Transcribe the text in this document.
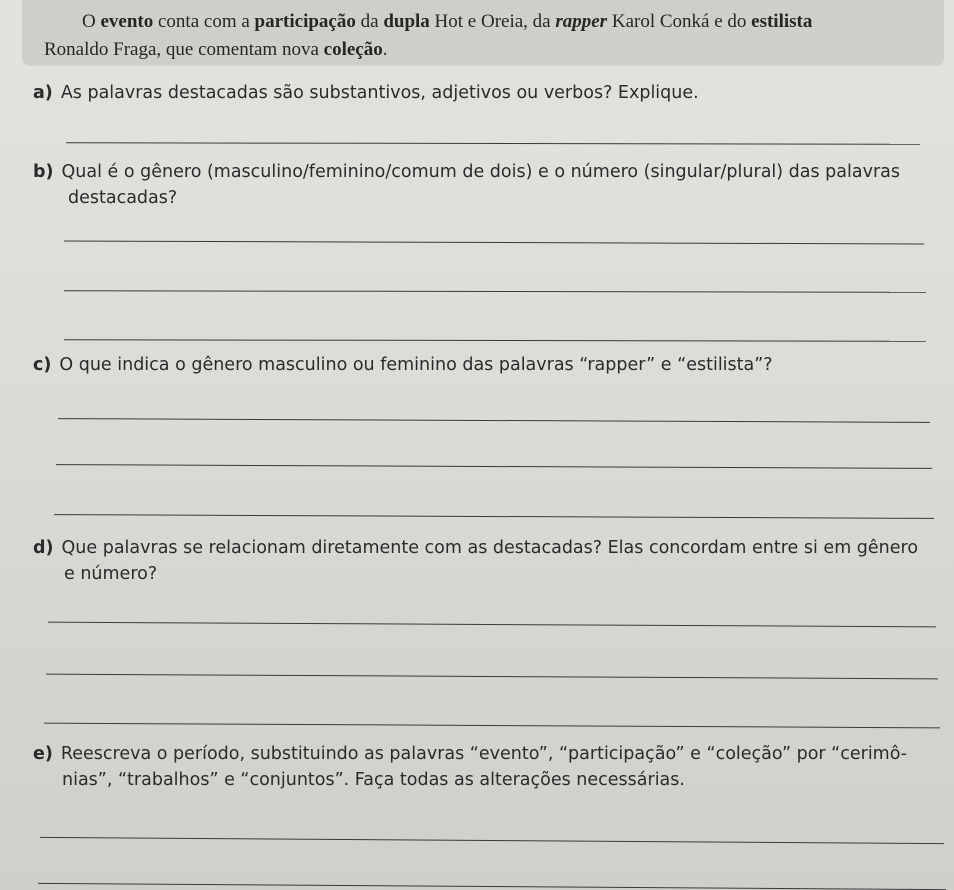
O evento conta com a participação da dupla Hot e Oreia, da rapper Karol Conká e do estilista
Ronaldo Fraga, que comentam nova coleção.
a) As palavras destacadas são substantivos, adjetivos ou verbos? Explique.
b) Qual é o gênero (masculino/feminino/comum de dois) e o número (singular/plural) das palavras
destacadas?
c) O que indica o gênero masculino ou feminino das palavras “rapper” e “estilista”?
d) Que palavras se relacionam diretamente com as destacadas? Elas concordam entre si em gênero
e número?
e) Reescreva o período, substituindo as palavras “evento”, “participação” e “coleção” por “cerimô-
nias”, “trabalhos” e “conjuntos”. Faça todas as alterações necessárias.
